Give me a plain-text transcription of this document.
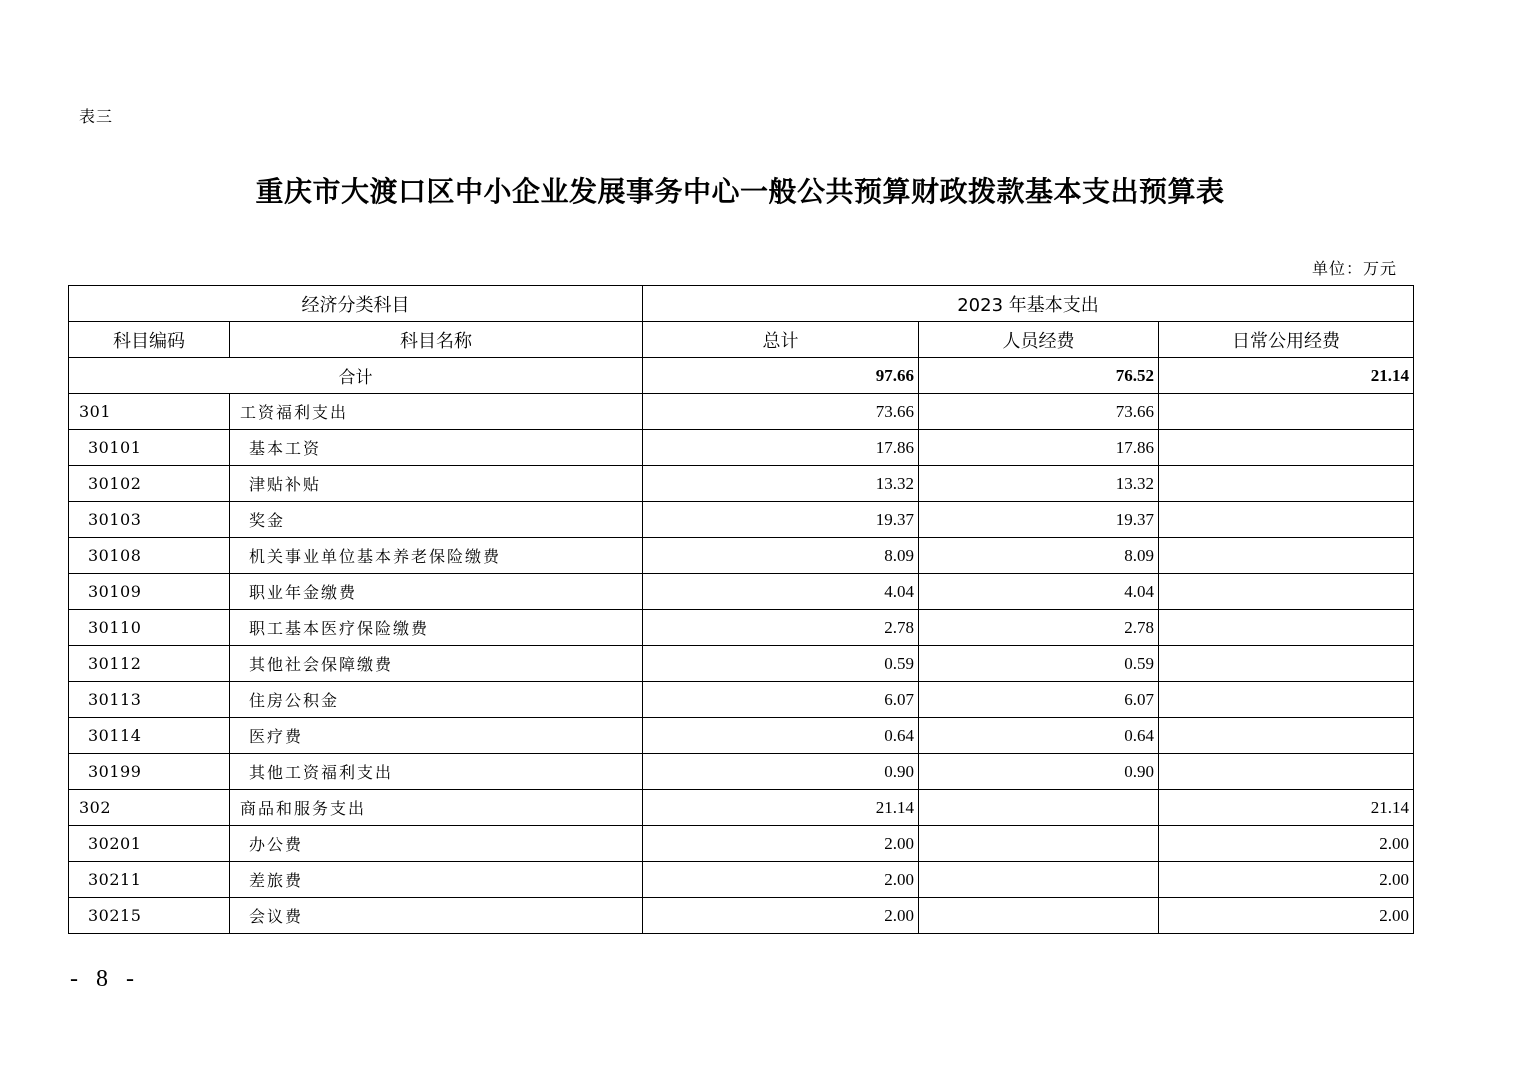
表三
重庆市大渡口区中小企业发展事务中心一般公共预算财政拨款基本支出预算表
单位：万元
经济分类科目		2023 年基本支出		
科目编码	科目名称	总计	人员经费	日常公用经费
合计		97.66	76.52	21.14
301	工资福利支出	73.66	73.66	
30101	基本工资	17.86	17.86	
30102	津贴补贴	13.32	13.32	
30103	奖金	19.37	19.37	
30108	机关事业单位基本养老保险缴费	8.09	8.09	
30109	职业年金缴费	4.04	4.04	
30110	职工基本医疗保险缴费	2.78	2.78	
30112	其他社会保障缴费	0.59	0.59	
30113	住房公积金	6.07	6.07	
30114	医疗费	0.64	0.64	
30199	其他工资福利支出	0.90	0.90	
302	商品和服务支出	21.14		21.14
30201	办公费	2.00		2.00
30211	差旅费	2.00		2.00
30215	会议费	2.00		2.00
- 8 -
